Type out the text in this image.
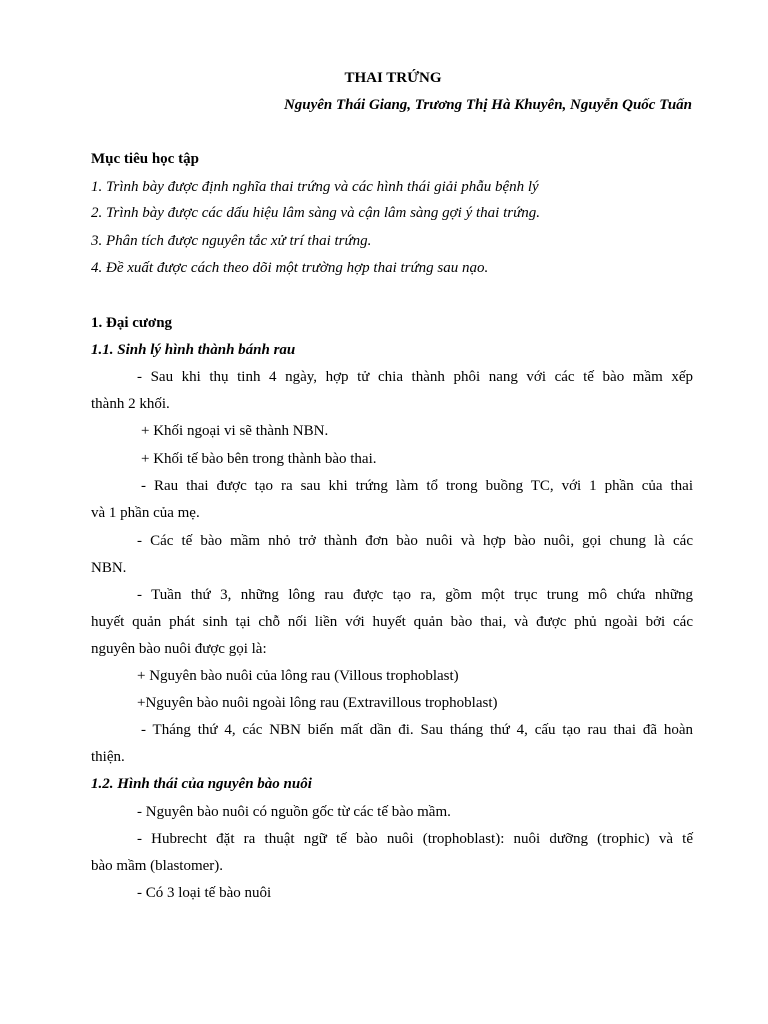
THAI TRỨNG
Nguyên Thái Giang, Trương Thị Hà Khuyên, Nguyễn Quốc Tuấn
Mục tiêu học tập
1. Trình bày được định nghĩa thai trứng và các hình thái giải phẫu bệnh lý
2. Trình bày được các dấu hiệu lâm sàng và cận lâm sàng gợi ý thai trứng.
3. Phân tích được nguyên tắc xử trí thai trứng.
4. Đề xuất được cách theo dõi một trường hợp thai trứng sau nạo.
1. Đại cương
1.1. Sinh lý hình thành bánh rau
- Sau khi thụ tinh 4 ngày, hợp tử chia thành phôi nang với các tế bào mầm xếp
thành 2 khối.
+ Khối ngoại vi sẽ thành NBN.
+ Khối tế bào bên trong thành bào thai.
- Rau thai được tạo ra sau khi trứng làm tổ trong buồng TC, với 1 phần của thai
và 1 phần của mẹ.
- Các tế bào mầm nhỏ trở thành đơn bào nuôi và hợp bào nuôi, gọi chung là các
NBN.
- Tuần thứ 3, những lông rau được tạo ra, gồm một trục trung mô chứa những
huyết quản phát sinh tại chỗ nối liền với huyết quản bào thai, và được phủ ngoài bởi các
nguyên bào nuôi được gọi là:
+ Nguyên bào nuôi của lông rau (Villous trophoblast)
+Nguyên bào nuôi ngoài lông rau (Extravillous trophoblast)
- Tháng thứ 4, các NBN biến mất dần đi. Sau tháng thứ 4, cấu tạo rau thai đã hoàn
thiện.
1.2. Hình thái của nguyên bào nuôi
- Nguyên bào nuôi có nguồn gốc từ các tế bào mầm.
- Hubrecht đặt ra thuật ngữ tế bào nuôi (trophoblast): nuôi dưỡng (trophic) và tế
bào mầm (blastomer).
- Có 3 loại tế bào nuôi
